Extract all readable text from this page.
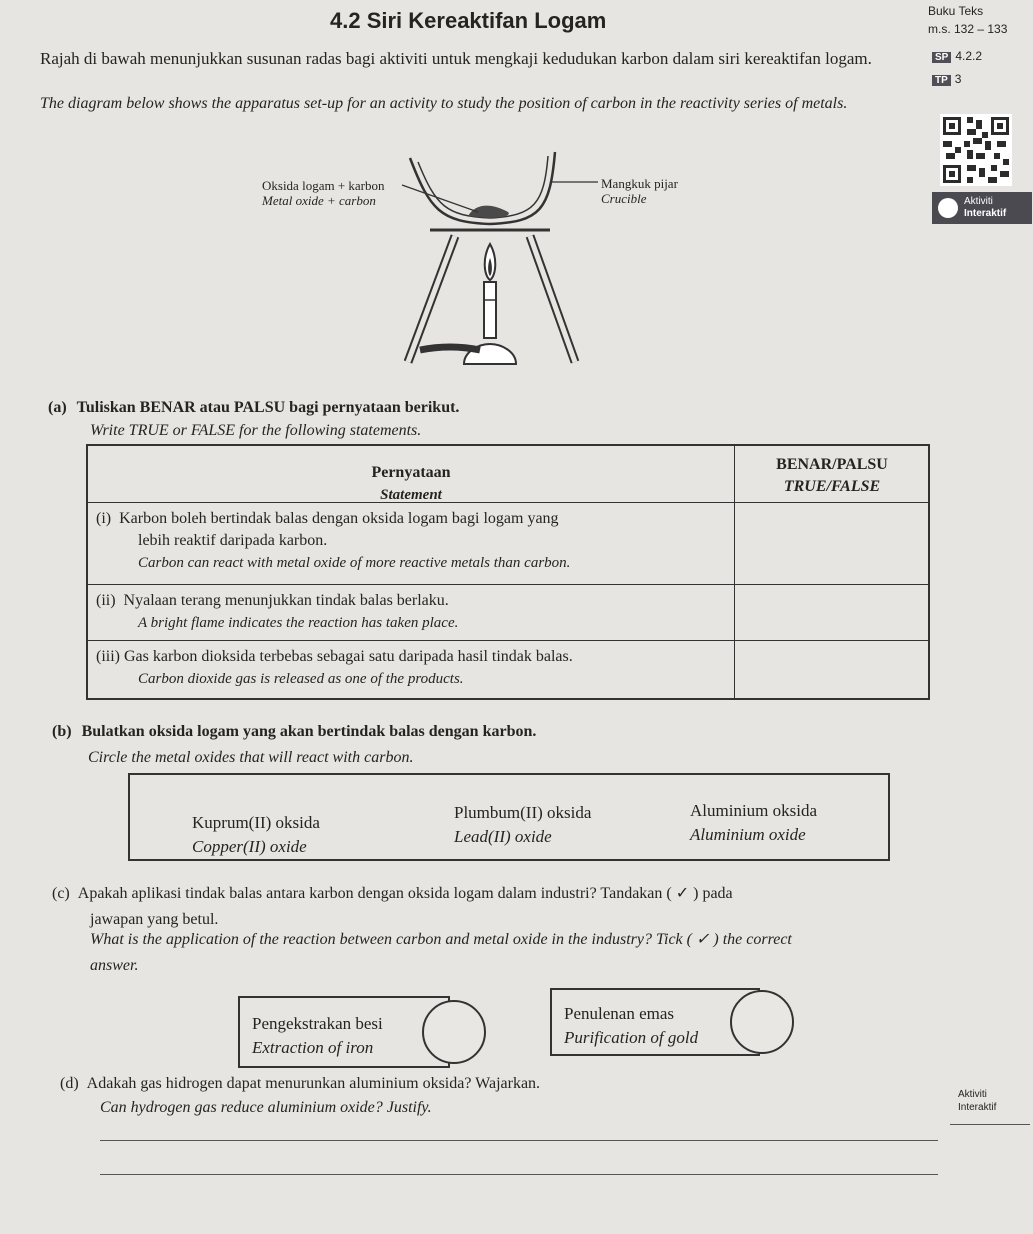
4.2 Siri Kereaktifan Logam	Buku Teks
m.s. 132 – 133
SP 4.2.2
TP 3
Aktiviti
Interaktif
Rajah di bawah menunjukkan susunan radas bagi aktiviti untuk mengkaji kedudukan karbon dalam siri kereaktifan logam.
The diagram below shows the apparatus set-up for an activity to study the position of carbon in the reactivity series of metals.
Oksida logam + karbon
Metal oxide + carbon
Mangkuk pijar
Crucible
(a) Tuliskan BENAR atau PALSU bagi pernyataan berikut.
Write TRUE or FALSE for the following statements.
Pernyataan
Statement
BENAR/PALSU
TRUE/FALSE
(i) Karbon boleh bertindak balas dengan oksida logam bagi logam yang
lebih reaktif daripada karbon.
Carbon can react with metal oxide of more reactive metals than carbon.
(ii) Nyalaan terang menunjukkan tindak balas berlaku.
A bright flame indicates the reaction has taken place.
(iii) Gas karbon dioksida terbebas sebagai satu daripada hasil tindak balas.
Carbon dioxide gas is released as one of the products.
(b) Bulatkan oksida logam yang akan bertindak balas dengan karbon.
Circle the metal oxides that will react with carbon.
Kuprum(II) oksida
Copper(II) oxide
Plumbum(II) oksida
Lead(II) oxide
Aluminium oksida
Aluminium oxide
(c) Apakah aplikasi tindak balas antara karbon dengan oksida logam dalam industri? Tandakan ( ✓ ) pada
jawapan yang betul.
What is the application of the reaction between carbon and metal oxide in the industry? Tick ( ✓ ) the correct
answer.
Pengekstrakan besi
Extraction of iron
Penulenan emas
Purification of gold
(d) Adakah gas hidrogen dapat menurunkan aluminium oksida? Wajarkan.
Can hydrogen gas reduce aluminium oxide? Justify.
Aktiviti
Interaktif
